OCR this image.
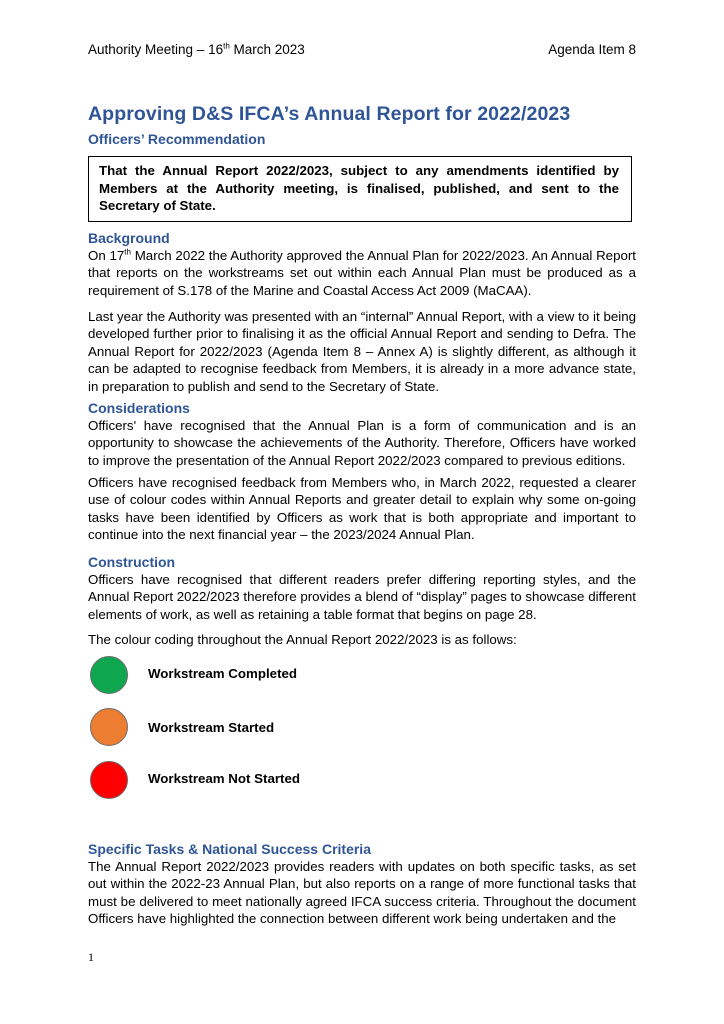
Authority Meeting – 16th March 2023	Agenda Item 8
Approving D&S IFCA’s Annual Report for 2022/2023
Officers’ Recommendation
That the Annual Report 2022/2023, subject to any amendments identified by Members at the Authority meeting, is finalised, published, and sent to the Secretary of State.
Background

On 17th March 2022 the Authority approved the Annual Plan for 2022/2023. An Annual Report that reports on the workstreams set out within each Annual Plan must be produced as a requirement of S.178 of the Marine and Coastal Access Act 2009 (MaCAA).

Last year the Authority was presented with an “internal” Annual Report, with a view to it being developed further prior to finalising it as the official Annual Report and sending to Defra. The Annual Report for 2022/2023 (Agenda Item 8 – Annex A) is slightly different, as although it can be adapted to recognise feedback from Members, it is already in a more advance state, in preparation to publish and send to the Secretary of State.
Considerations
Officers' have recognised that the Annual Plan is a form of communication and is an opportunity to showcase the achievements of the Authority. Therefore, Officers have worked to improve the presentation of the Annual Report 2022/2023 compared to previous editions.
Officers have recognised feedback from Members who, in March 2022, requested a clearer use of colour codes within Annual Reports and greater detail to explain why some on-going tasks have been identified by Officers as work that is both appropriate and important to continue into the next financial year – the 2023/2024 Annual Plan.
Construction
Officers have recognised that different readers prefer differing reporting styles, and the Annual Report 2022/2023 therefore provides a blend of “display” pages to showcase different elements of work, as well as retaining a table format that begins on page 28.
The colour coding throughout the Annual Report 2022/2023 is as follows:
Workstream Completed
Workstream Started
Workstream Not Started
Specific Tasks & National Success Criteria
The Annual Report 2022/2023 provides readers with updates on both specific tasks, as set out within the 2022-23 Annual Plan, but also reports on a range of more functional tasks that must be delivered to meet nationally agreed IFCA success criteria. Throughout the document Officers have highlighted the connection between different work being undertaken and the
1
